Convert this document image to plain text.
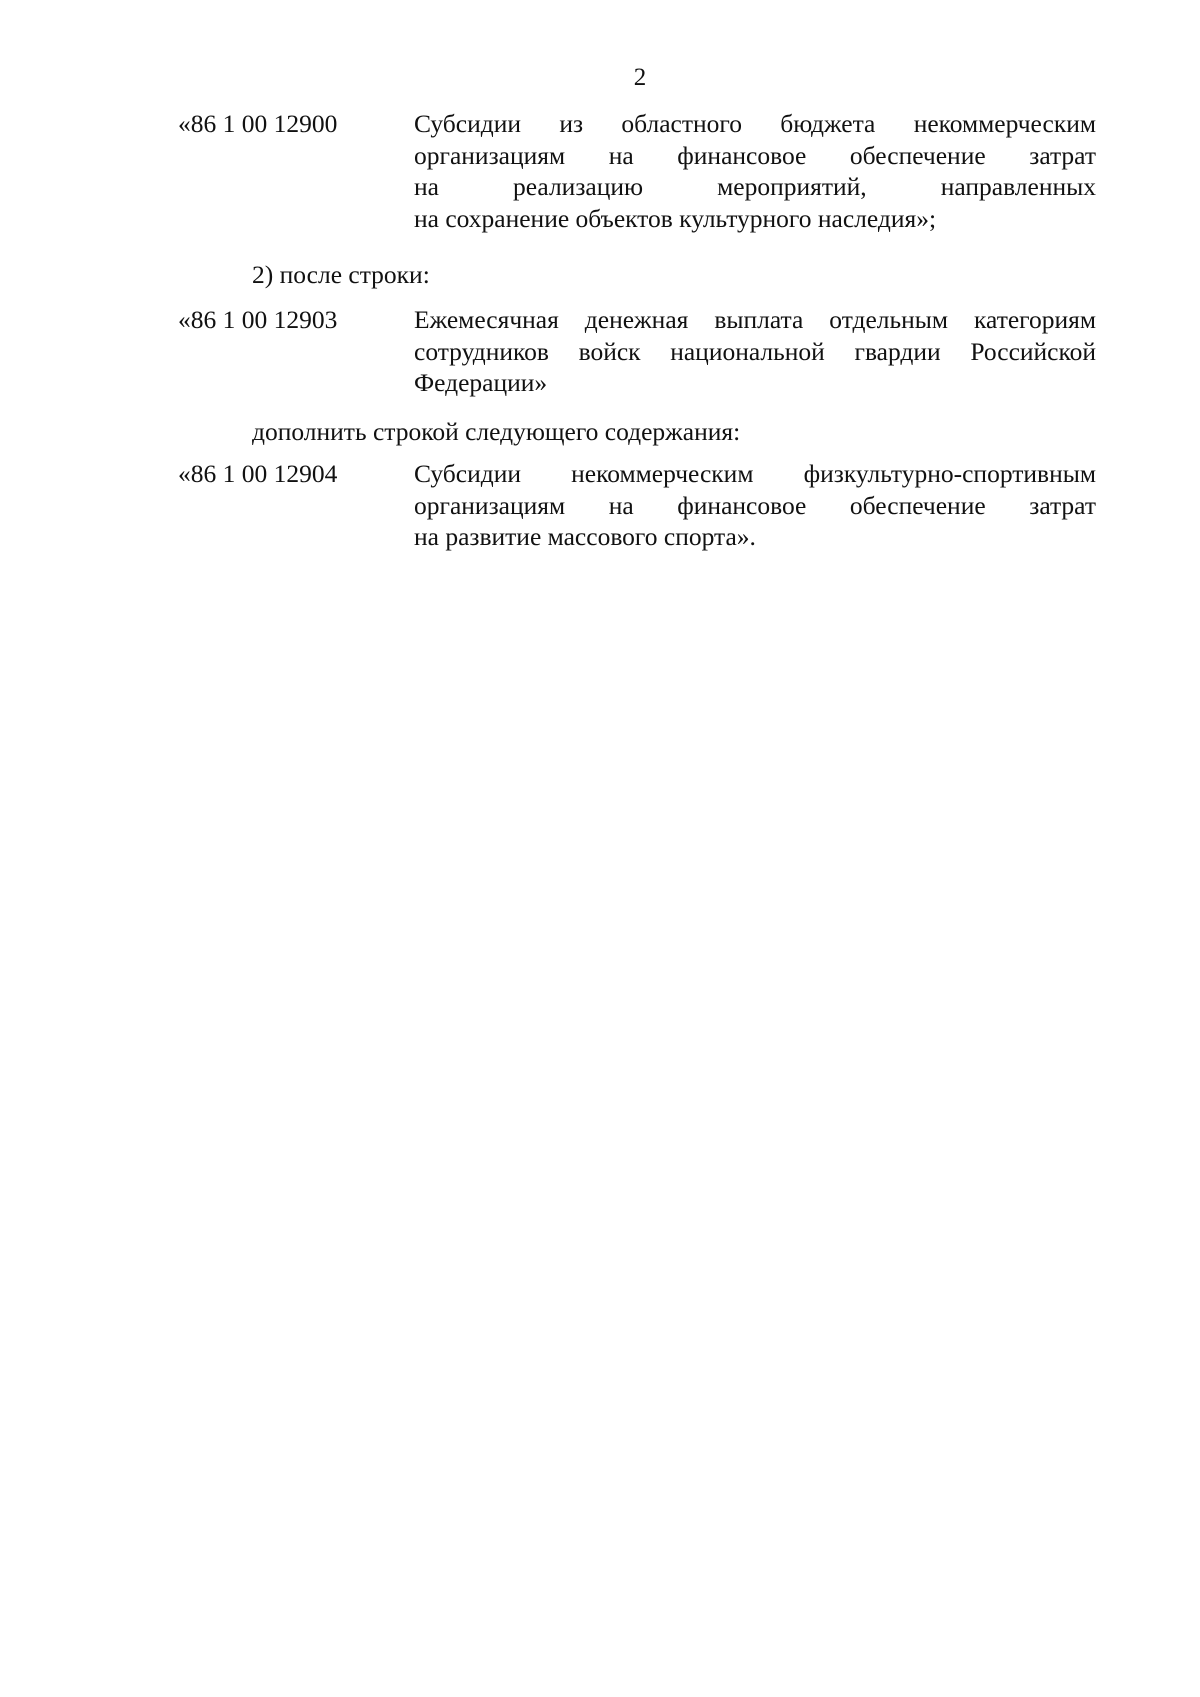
2
«86 1 00 12900	Субсидии из областного бюджета некоммерческим
организациям на финансовое обеспечение затрат
на реализацию мероприятий, направленных
на сохранение объектов культурного наследия»;
2) после строки:
«86 1 00 12903	Ежемесячная денежная выплата отдельным категориям
сотрудников войск национальной гвардии Российской
Федерации»
дополнить строкой следующего содержания:
«86 1 00 12904	Субсидии некоммерческим физкультурно-спортивным
организациям на финансовое обеспечение затрат
на развитие массового спорта».
